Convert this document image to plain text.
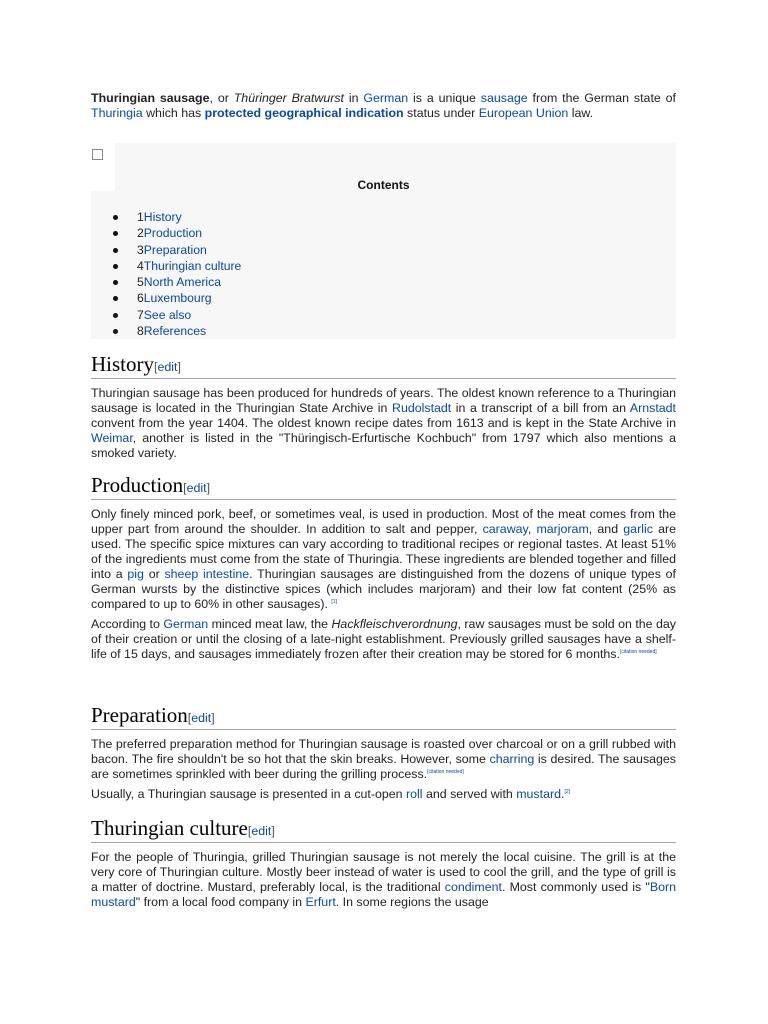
Thuringian sausage, or Thüringer Bratwurst in German is a unique sausage from the German state of Thuringia which has protected geographical indication status under European Union law.

Contents
1History
2Production
3Preparation
4Thuringian culture
5North America
6Luxembourg
7See also
8References
History[edit]

Thuringian sausage has been produced for hundreds of years. The oldest known reference to a Thuringian sausage is located in the Thuringian State Archive in Rudolstadt in a transcript of a bill from an Arnstadt convent from the year 1404. The oldest known recipe dates from 1613 and is kept in the State Archive in Weimar, another is listed in the "Thüringisch-Erfurtische Kochbuch" from 1797 which also mentions a smoked variety.

Production[edit]

Only finely minced pork, beef, or sometimes veal, is used in production. Most of the meat comes from the upper part from around the shoulder. In addition to salt and pepper, caraway, marjoram, and garlic are used. The specific spice mixtures can vary according to traditional recipes or regional tastes. At least 51% of the ingredients must come from the state of Thuringia. These ingredients are blended together and filled into a pig or sheep intestine. Thuringian sausages are distinguished from the dozens of unique types of German wursts by the distinctive spices (which includes marjoram) and their low fat content (25% as compared to up to 60% in other sausages). [1]

According to German minced meat law, the Hackfleischverordnung, raw sausages must be sold on the day of their creation or until the closing of a late-night establishment. Previously grilled sausages have a shelf-life of 15 days, and sausages immediately frozen after their creation may be stored for 6 months.[citation needed]

Preparation[edit]

The preferred preparation method for Thuringian sausage is roasted over charcoal or on a grill rubbed with bacon. The fire shouldn't be so hot that the skin breaks. However, some charring is desired. The sausages are sometimes sprinkled with beer during the grilling process.[citation needed]

Usually, a Thuringian sausage is presented in a cut-open roll and served with mustard.[2]

Thuringian culture[edit]

For the people of Thuringia, grilled Thuringian sausage is not merely the local cuisine. The grill is at the very core of Thuringian culture. Mostly beer instead of water is used to cool the grill, and the type of grill is a matter of doctrine. Mustard, preferably local, is the traditional condiment. Most commonly used is "Born mustard" from a local food company in Erfurt. In some regions the usage
